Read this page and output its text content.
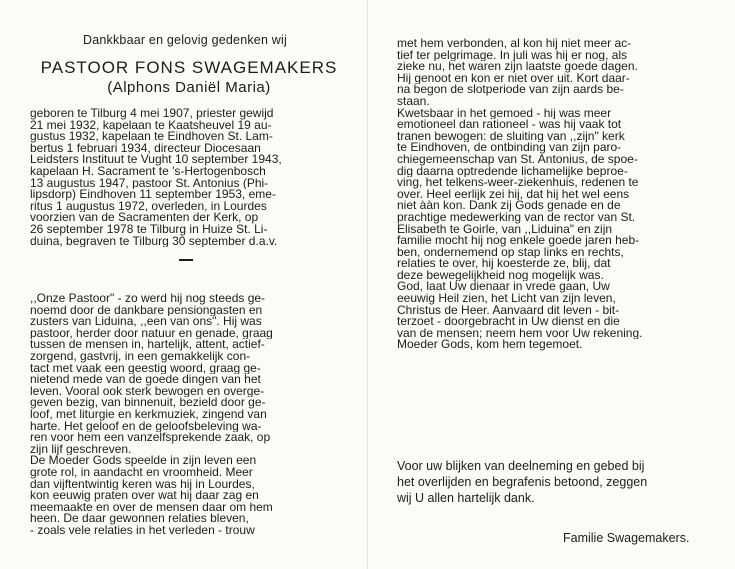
Dankkbaar en gelovig gedenken wij
PASTOOR FONS SWAGEMAKERS
(Alphons Daniël Maria)
geboren te Tilburg 4 mei 1907, priester gewijd
21 mei 1932, kapelaan te Kaatsheuvel 19 au-
gustus 1932, kapelaan te Eindhoven St. Lam-
bertus 1 februari 1934, directeur Diocesaan
Leidsters Instituut te Vught 10 september 1943,
kapelaan H. Sacrament te 's-Hertogenbosch
13 augustus 1947, pastoor St. Antonius (Phi-
lipsdorp) Eindhoven 11 september 1953, eme-
ritus 1 augustus 1972, overleden, in Lourdes
voorzien van de Sacramenten der Kerk, op
26 september 1978 te Tilburg in Huize St. Li-
duina, begraven te Tilburg 30 september d.a.v.
,,Onze Pastoor" - zo werd hij nog steeds ge-
noemd door de dankbare pensiongasten en
zusters van Liduina, ,,een van ons". Hij was
pastoor, herder door natuur en genade, graag
tussen de mensen in, hartelijk, attent, actief-
zorgend, gastvrij, in een gemakkelijk con-
tact met vaak een geestig woord, graag ge-
nietend mede van de goede dingen van het
leven. Vooral ook sterk bewogen en overge-
geven bezig, van binnenuit, bezield door ge-
loof, met liturgie en kerkmuziek, zingend van
harte. Het geloof en de geloofsbeleving wa-
ren voor hem een vanzelfsprekende zaak, op
zijn lijf geschreven.
De Moeder Gods speelde in zijn leven een
grote rol, in aandacht en vroomheid. Meer
dan vijftentwintig keren was hij in Lourdes,
kon eeuwig praten over wat hij daar zag en
meemaakte en over de mensen daar om hem
heen. De daar gewonnen relaties bleven,
- zoals vele relaties in het verleden - trouw
met hem verbonden, al kon hij niet meer ac-
tief ter pelgrimage. In juli was hij er nog, als
zieke nu, het waren zijn laatste goede dagen.
Hij genoot en kon er niet over uit. Kort daar-
na begon de slotperiode van zijn aards be-
staan.
Kwetsbaar in het gemoed - hij was meer
emotioneel dan rationeel - was hij vaak tot
tranen bewogen: de sluiting van ,,zijn" kerk
te Eindhoven, de ontbinding van zijn paro-
chiegemeenschap van St. Antonius, de spoe-
dig daarna optredende lichamelijke beproe-
ving, het telkens-weer-ziekenhuis, redenen te
over. Heel eerlijk zei hij, dat hij het wel eens
niet ààn kon. Dank zij Gods genade en de
prachtige medewerking van de rector van St.
Elisabeth te Goirle, van ,,Liduina" en zijn
familie mocht hij nog enkele goede jaren heb-
ben, ondernemend op stap links en rechts,
relaties te over, hij koesterde ze, blij, dat
deze bewegelijkheid nog mogelijk was.
God, laat Uw dienaar in vrede gaan, Uw
eeuwig Heil zien, het Licht van zijn leven,
Christus de Heer. Aanvaard dit leven - bit-
terzoet - doorgebracht in Uw dienst en die
van de mensen; neem hem voor Uw rekening.
Moeder Gods, kom hem tegemoet.
Voor uw blijken van deelneming en gebed bij
het overlijden en begrafenis betoond, zeggen
wij U allen hartelijk dank.
Familie Swagemakers.
